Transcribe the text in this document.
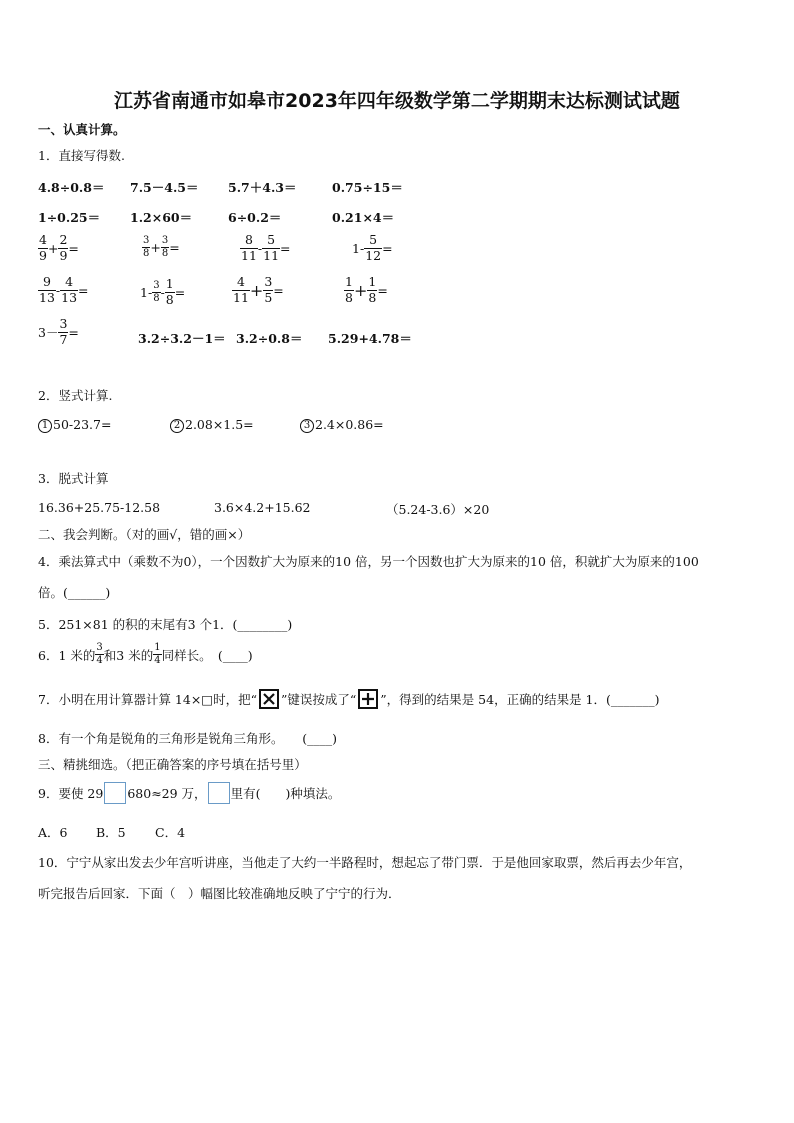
江苏省南通市如皋市2023年四年级数学第二学期期末达标测试试题
一、认真计算。
1．直接写得数.
4.8÷0.8＝ 7.5－4.5＝ 5.7＋4.3＝	0.75÷15＝
1÷0.25＝ 1.2×60＝	6÷0.2＝	0.21×4＝
$\frac{4}{9} + \frac{2}{9}$ =	$\frac{3}{8} + \frac{3}{8}$ =	$\frac{8}{11} - \frac{5}{11}$ =	$1- \frac{5}{12}$ =
$\frac{9}{13} - \frac{4}{13}$ =	$1- \frac{3}{8} - \frac{1}{8}$ =	$\frac{4}{11} + \frac{3}{5}$ =	$\frac{1}{8} + \frac{1}{8}$ =
$3- \frac{3}{7}$ =	3.2÷3.2－1＝ 3.2÷0.8＝ 5.29+4.78＝
2．竖式计算.
1 50-23.7=	2 2.08×1.5=	3 2.4×0.86=
3．脱式计算
16.36+25.75-12.58	3.6×4.2+15.62	（5.24-3.6）×20
二、我会判断。（对的画√，错的画×）
4．乘法算式中（乘数不为0），一个因数扩大为原来的10 倍，另一个因数也扩大为原来的10 倍，积就扩大为原来的100
倍。(______)
5．251×81 的积的末尾有3 个1．(________)
6．1 米的 $\frac{3}{4}$ 和3 米的 $\frac{1}{4}$ 同样长。　(____)
7．小明在用计算器计算 14×□时，把“ ”键误按成了“ ”，得到的结果是 54，正确的结果是 1．(_______)
8．有一个角是锐角的三角形是锐角三角形。　　(____)
三、精挑细选。（把正确答案的序号填在括号里）
9．要使 29 680≈29 万， 里有(　　)种填法。
A．6 B．5 C．4
10．宁宁从家出发去少年宫听讲座，当他走了大约一半路程时，想起忘了带门票．于是他回家取票，然后再去少年宫，
听完报告后回家．下面（　）幅图比较准确地反映了宁宁的行为．
